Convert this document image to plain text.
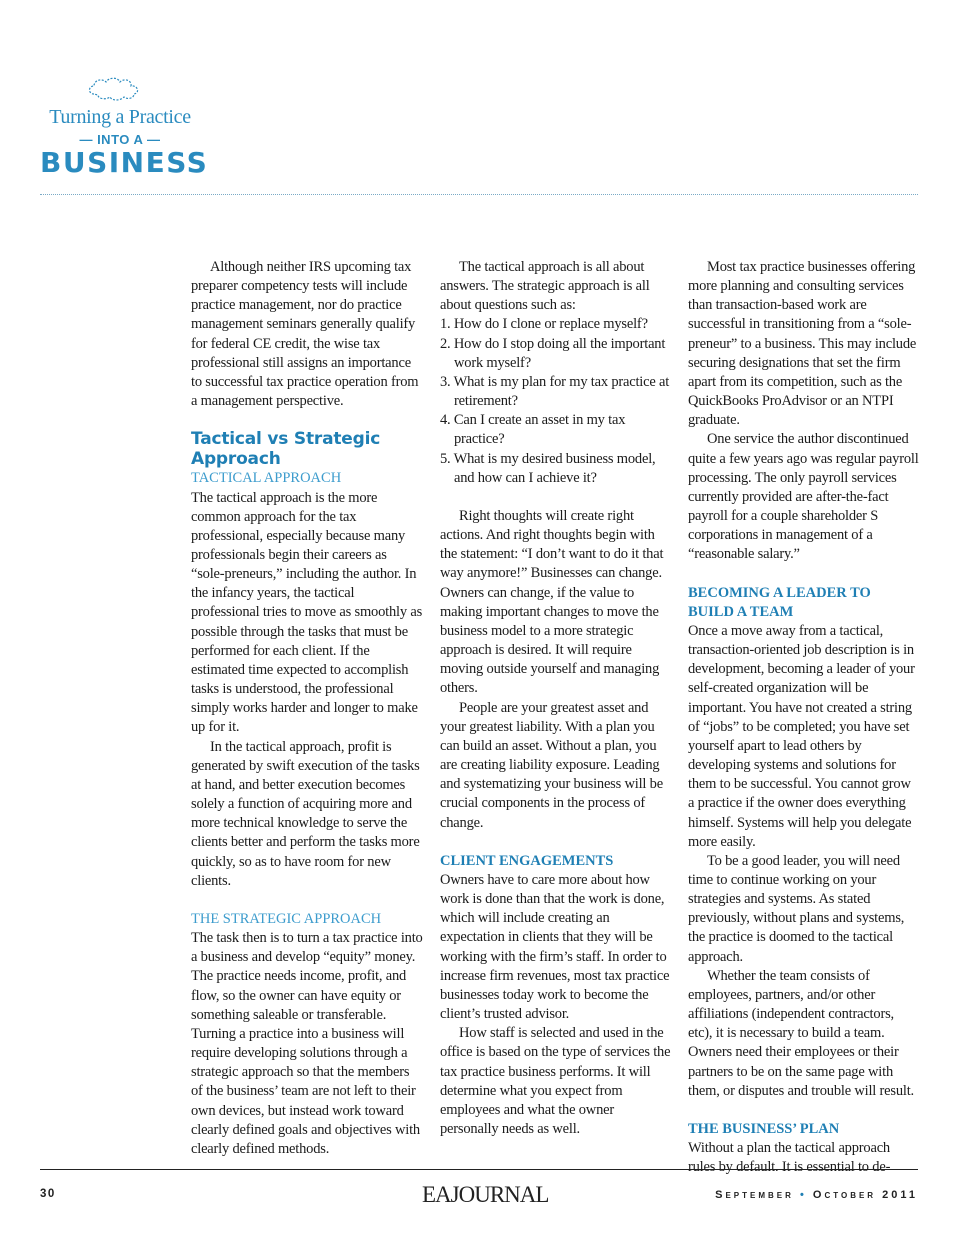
Turning a Practice
— INTO A —
BUSINESS

Although neither IRS upcoming tax preparer competency tests will include practice management, nor do practice management seminars generally qualify for federal CE credit, the wise tax professional still assigns an importance to successful tax practice operation from a management perspective.

Tactical vs Strategic Approach

TACTICAL APPROACH

The tactical approach is the more common approach for the tax professional, especially because many professionals begin their careers as “sole-preneurs,” including the author. In the infancy years, the tactical professional tries to move as smoothly as possible through the tasks that must be performed for each client. If the estimated time expected to accomplish tasks is understood, the professional simply works harder and longer to make up for it.

In the tactical approach, profit is generated by swift execution of the tasks at hand, and better execution becomes solely a function of acquiring more and more technical knowledge to serve the clients better and perform the tasks more quickly, so as to have room for new clients.

THE STRATEGIC APPROACH

The task then is to turn a tax practice into a business and develop “equity” money. The practice needs income, profit, and flow, so the owner can have equity or something saleable or transferable. Turning a practice into a business will require developing solutions through a strategic approach so that the members of the business’ team are not left to their own devices, but instead work toward clearly defined goals and objectives with clearly defined methods.

The tactical approach is all about answers. The strategic approach is all about questions such as:

1. How do I clone or replace myself?

2. How do I stop doing all the important work myself?

3. What is my plan for my tax practice at retirement?

4. Can I create an asset in my tax practice?

5. What is my desired business model, and how can I achieve it?

Right thoughts will create right actions. And right thoughts begin with the statement: “I don’t want to do it that way anymore!” Businesses can change. Owners can change, if the value to making important changes to move the business model to a more strategic approach is desired. It will require moving outside yourself and managing others.

People are your greatest asset and your greatest liability. With a plan you can build an asset. Without a plan, you are creating liability exposure. Leading and systematizing your business will be crucial components in the process of change.

CLIENT ENGAGEMENTS

Owners have to care more about how work is done than that the work is done, which will include creating an expectation in clients that they will be working with the firm’s staff. In order to increase firm revenues, most tax practice businesses today work to become the client’s trusted advisor.

How staff is selected and used in the office is based on the type of services the tax practice business performs. It will determine what you expect from employees and what the owner personally needs as well.

Most tax practice businesses offering more planning and consulting services than transaction-based work are successful in transitioning from a “sole-preneur” to a business. This may include securing designations that set the firm apart from its competition, such as the QuickBooks ProAdvisor or an NTPI graduate.

One service the author discontinued quite a few years ago was regular payroll processing. The only payroll services currently provided are after-the-fact payroll for a couple shareholder S corporations in management of a “reasonable salary.”

BECOMING A LEADER TO BUILD A TEAM

Once a move away from a tactical, transaction-oriented job description is in development, becoming a leader of your self-created organization will be important. You have not created a string of “jobs” to be completed; you have set yourself apart to lead others by developing systems and solutions for them to be successful. You cannot grow a practice if the owner does everything himself. Systems will help you delegate more easily.

To be a good leader, you will need time to continue working on your strategies and systems. As stated previously, without plans and systems, the practice is doomed to the tactical approach.

Whether the team consists of employees, partners, and/or other affiliations (independent contractors, etc), it is necessary to build a team. Owners need their employees or their partners to be on the same page with them, or disputes and trouble will result.

THE BUSINESS’ PLAN

Without a plan the tactical approach rules by default. It is essential to de-

30	EAJOURNAL	September • October 2011
